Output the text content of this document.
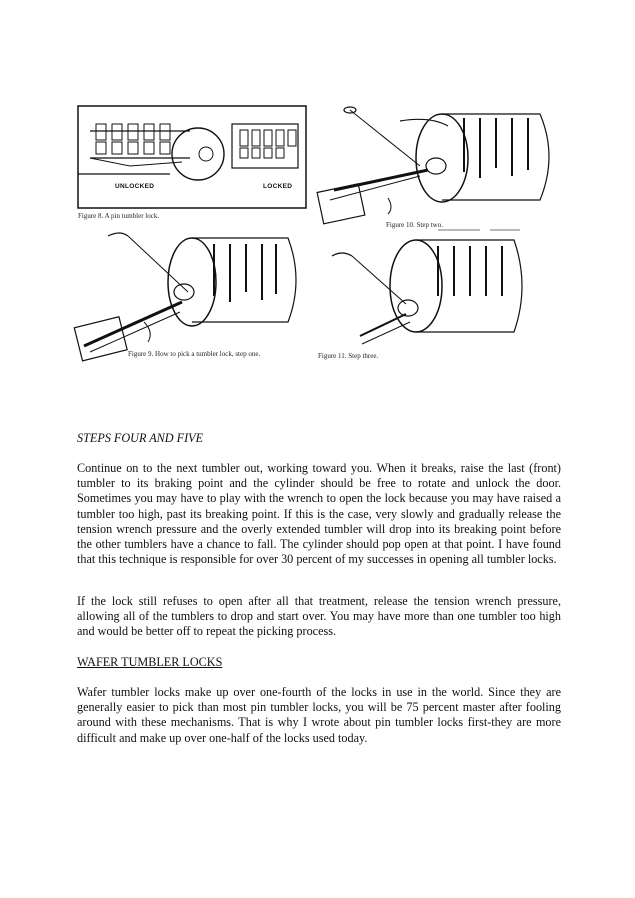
UNLOCKED	LOCKED
Figure 8. A pin tumbler lock.
Figure 10. Step two.
Figure 9. How to pick a tumbler lock, step one.	Figure 11. Step three.
STEPS FOUR AND FIVE
Continue on to the next tumbler out, working toward you. When it breaks, raise the last (front) tumbler to its braking point and the cylinder should be free to rotate and unlock the door. Sometimes you may have to play with the wrench to open the lock because you may have raised a tumbler too high, past its breaking point. If this is the case, very slowly and gradually release the tension wrench pressure and the overly extended tumbler will drop into its breaking point before the other tumblers have a chance to fall. The cylinder should pop open at that point. I have found that this technique is responsible for over 30 percent of my successes in opening all tumbler locks.
If the lock still refuses to open after all that treatment, release the tension wrench pressure, allowing all of the tumblers to drop and start over. You may have more than one tumbler too high and would be better off to repeat the picking process.
WAFER TUMBLER LOCKS
Wafer tumbler locks make up over one-fourth of the locks in use in the world. Since they are generally easier to pick than most pin tumbler locks, you will be 75 percent master after fooling around with these mechanisms. That is why I wrote about pin tumbler locks first-they are more difficult and make up over one-half of the locks used today.
